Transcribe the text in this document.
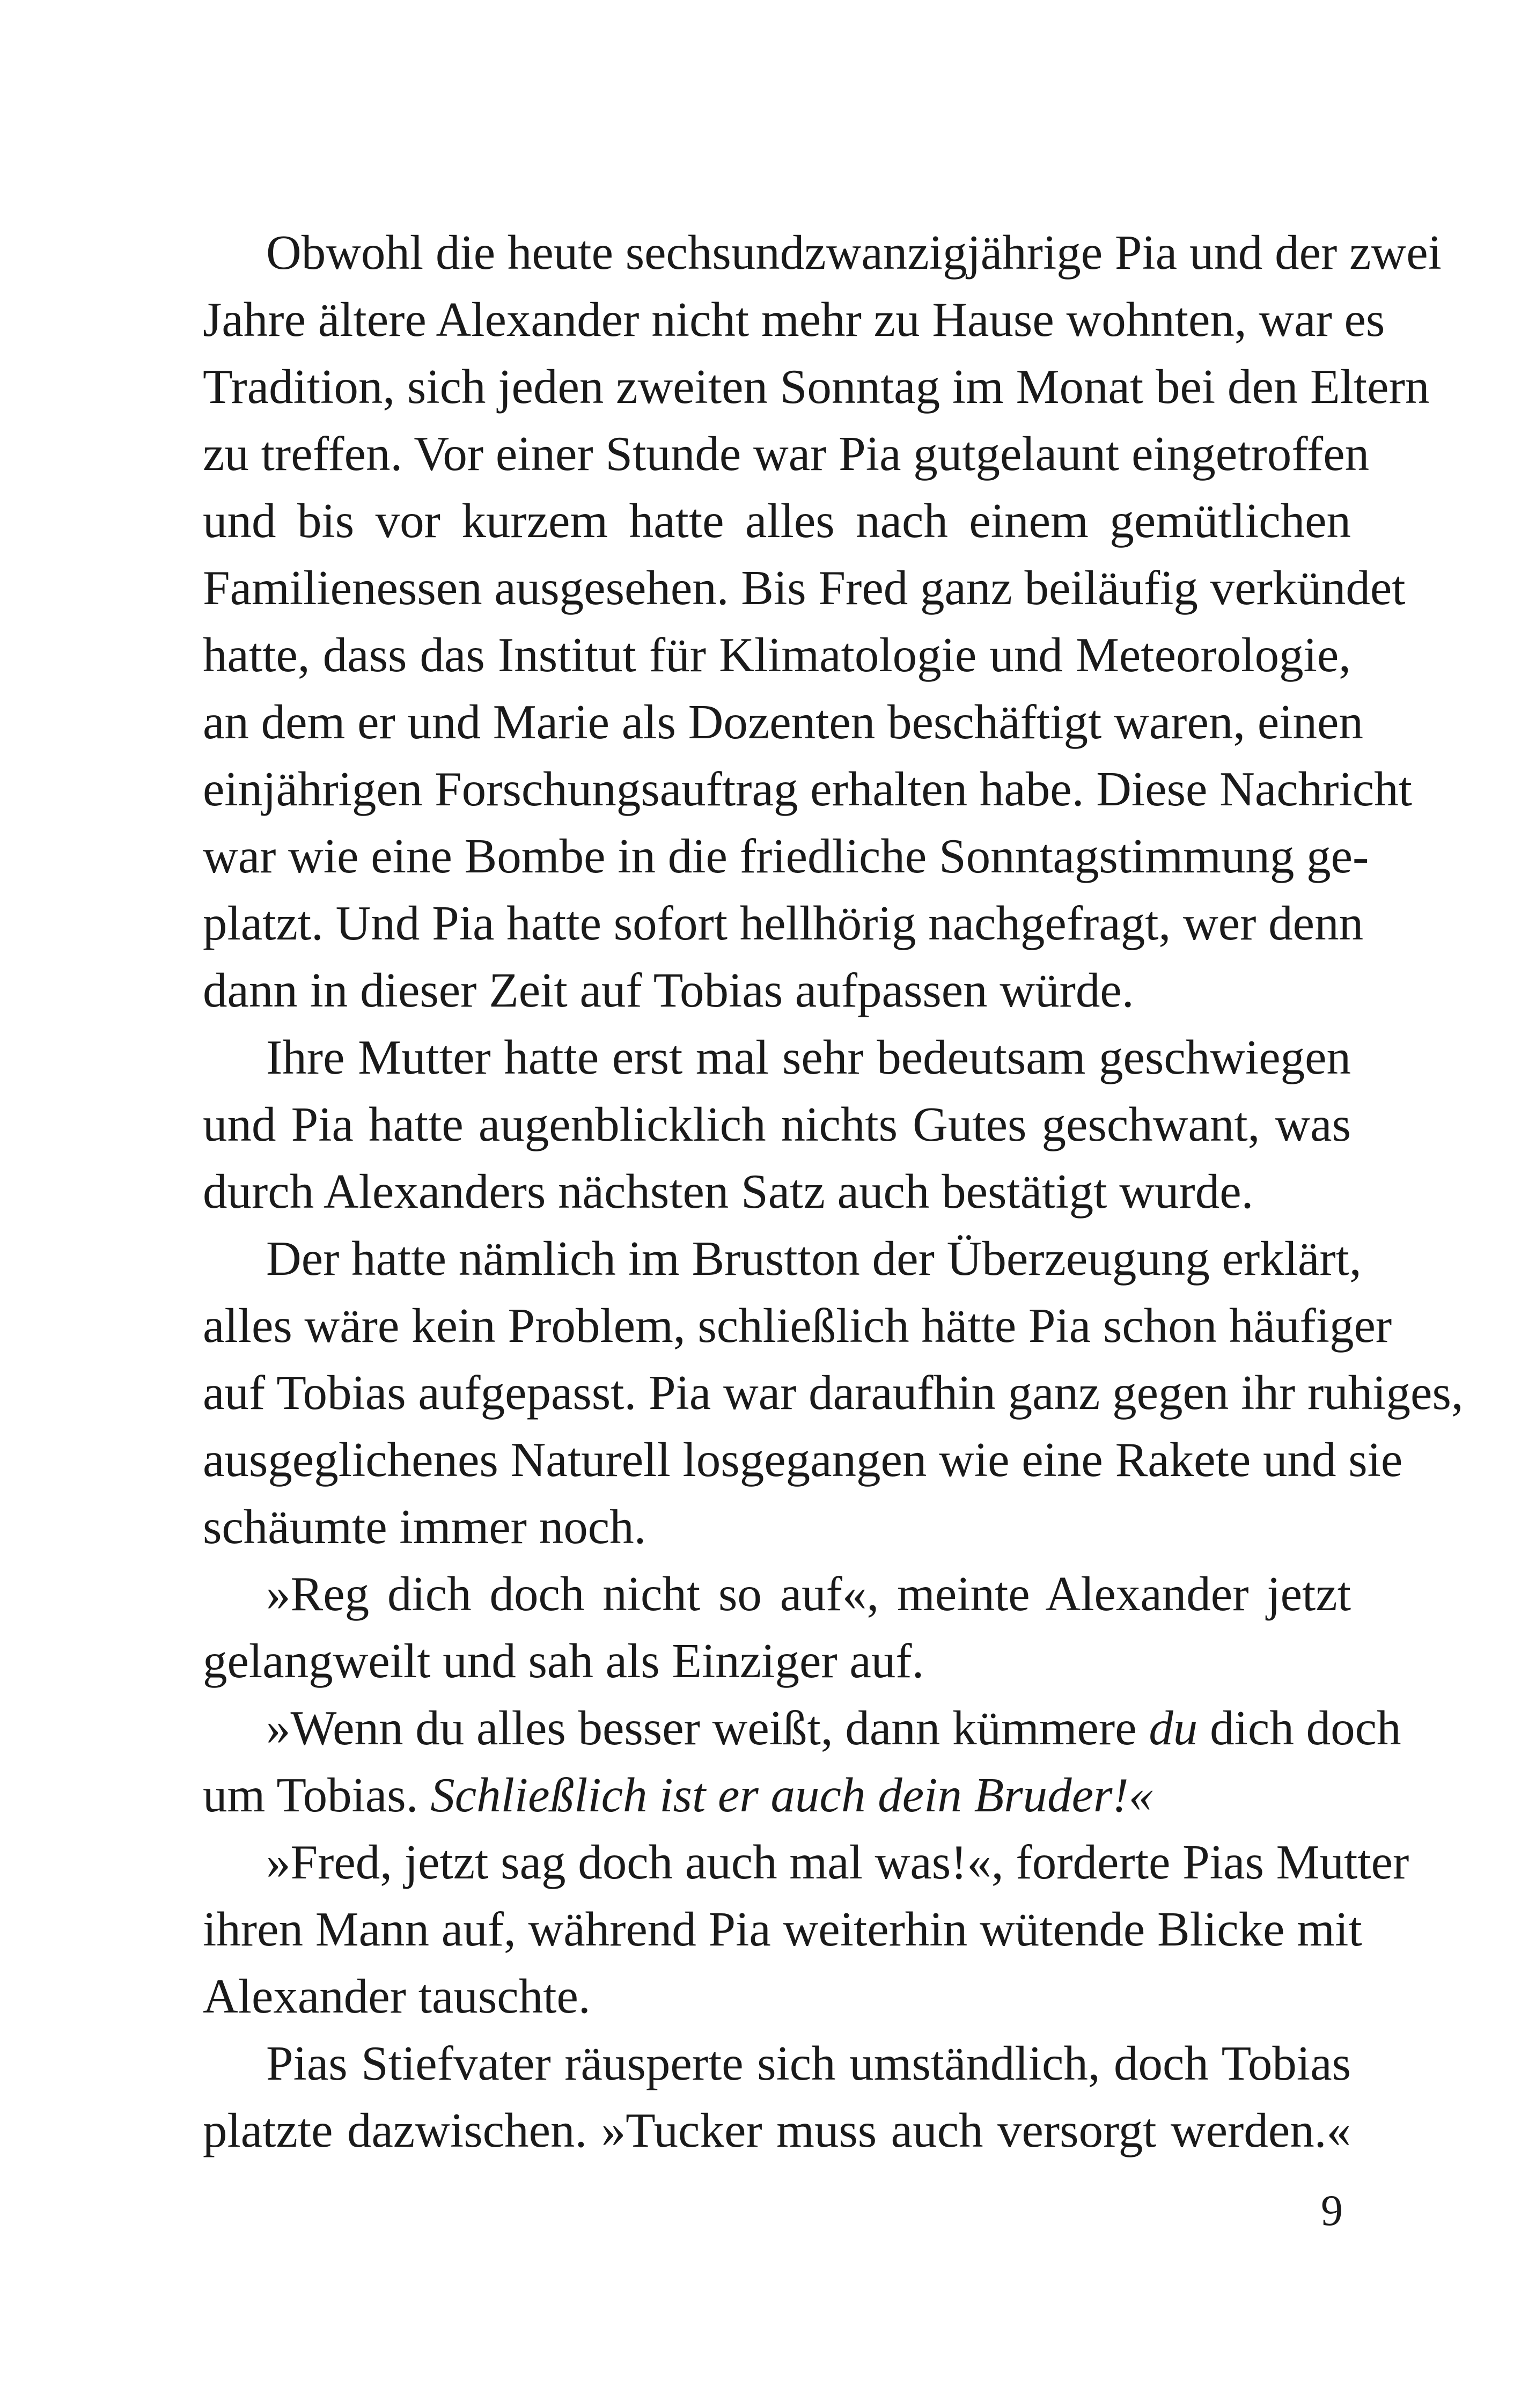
Obwohl die heute sechsundzwanzigjährige Pia und der zwei
Jahre ältere Alexander nicht mehr zu Hause wohnten, war es
Tradition, sich jeden zweiten Sonntag im Monat bei den Eltern
zu treffen. Vor einer Stunde war Pia gutgelaunt eingetroffen
und bis vor kurzem hatte alles nach einem gemütlichen
Familienessen ausgesehen. Bis Fred ganz beiläufig verkündet
hatte, dass das Institut für Klimatologie und Meteorologie,
an dem er und Marie als Dozenten beschäftigt waren, einen
einjährigen Forschungsauftrag erhalten habe. Diese Nachricht
war wie eine Bombe in die friedliche Sonntagstimmung ge-
platzt. Und Pia hatte sofort hellhörig nachgefragt, wer denn
dann in dieser Zeit auf Tobias aufpassen würde.
Ihre Mutter hatte erst mal sehr bedeutsam geschwiegen
und Pia hatte augenblicklich nichts Gutes geschwant, was
durch Alexanders nächsten Satz auch bestätigt wurde.
Der hatte nämlich im Brustton der Überzeugung erklärt,
alles wäre kein Problem, schließlich hätte Pia schon häufiger
auf Tobias aufgepasst. Pia war daraufhin ganz gegen ihr ruhiges,
ausgeglichenes Naturell losgegangen wie eine Rakete und sie
schäumte immer noch.
»Reg dich doch nicht so auf«, meinte Alexander jetzt
gelangweilt und sah als Einziger auf.
»Wenn du alles besser weißt, dann kümmere du dich doch
um Tobias. Schließlich ist er auch dein Bruder!«
»Fred, jetzt sag doch auch mal was!«, forderte Pias Mutter
ihren Mann auf, während Pia weiterhin wütende Blicke mit
Alexander tauschte.
Pias Stiefvater räusperte sich umständlich, doch Tobias
platzte dazwischen. »Tucker muss auch versorgt werden.«
9
